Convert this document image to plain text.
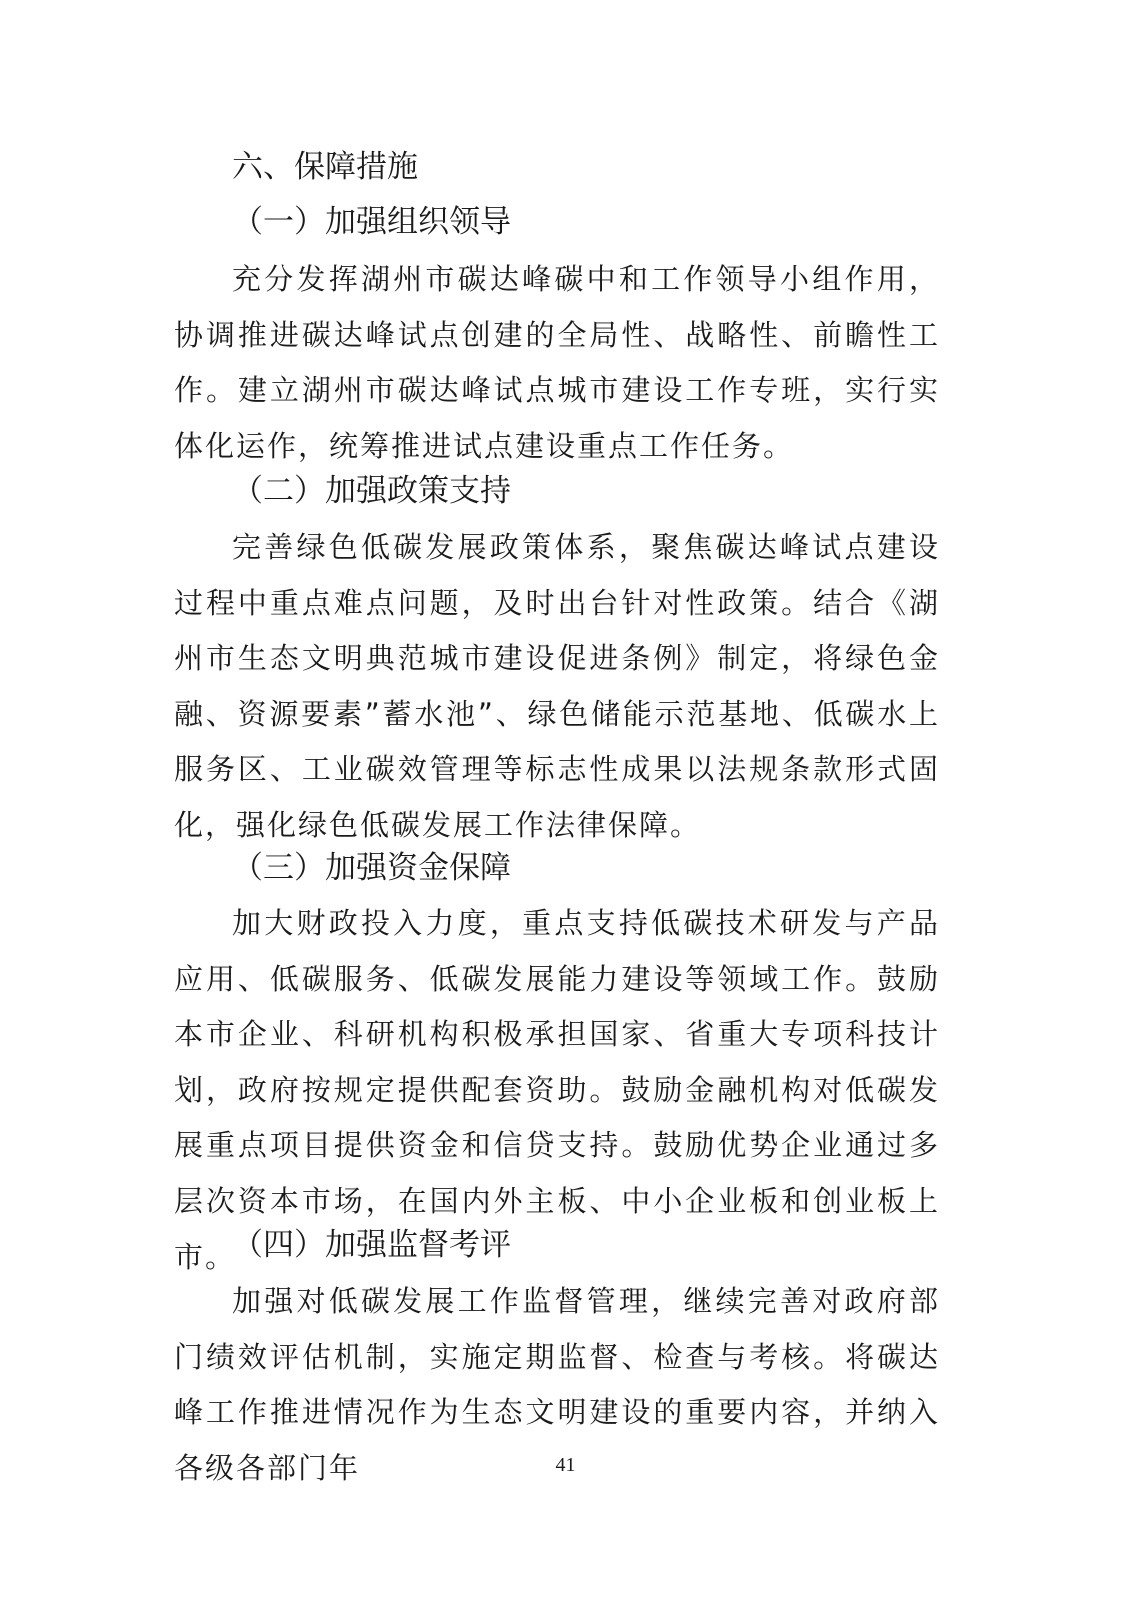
六、保障措施
（一）加强组织领导

充分发挥湖州市碳达峰碳中和工作领导小组作用，协调推进碳达峰试点创建的全局性、战略性、前瞻性工作。建立湖州市碳达峰试点城市建设工作专班，实行实体化运作，统筹推进试点建设重点工作任务。

（二）加强政策支持

完善绿色低碳发展政策体系，聚焦碳达峰试点建设过程中重点难点问题，及时出台针对性政策。结合《湖州市生态文明典范城市建设促进条例》制定，将绿色金融、资源要素”蓄水池”、绿色储能示范基地、低碳水上服务区、工业碳效管理等标志性成果以法规条款形式固化，强化绿色低碳发展工作法律保障。

（三）加强资金保障

加大财政投入力度，重点支持低碳技术研发与产品应用、低碳服务、低碳发展能力建设等领域工作。鼓励本市企业、科研机构积极承担国家、省重大专项科技计划，政府按规定提供配套资助。鼓励金融机构对低碳发展重点项目提供资金和信贷支持。鼓励优势企业通过多层次资本市场，在国内外主板、中小企业板和创业板上市。

（四）加强监督考评

加强对低碳发展工作监督管理，继续完善对政府部门绩效评估机制，实施定期监督、检查与考核。将碳达峰工作推进情况作为生态文明建设的重要内容，并纳入各级各部门年	41
